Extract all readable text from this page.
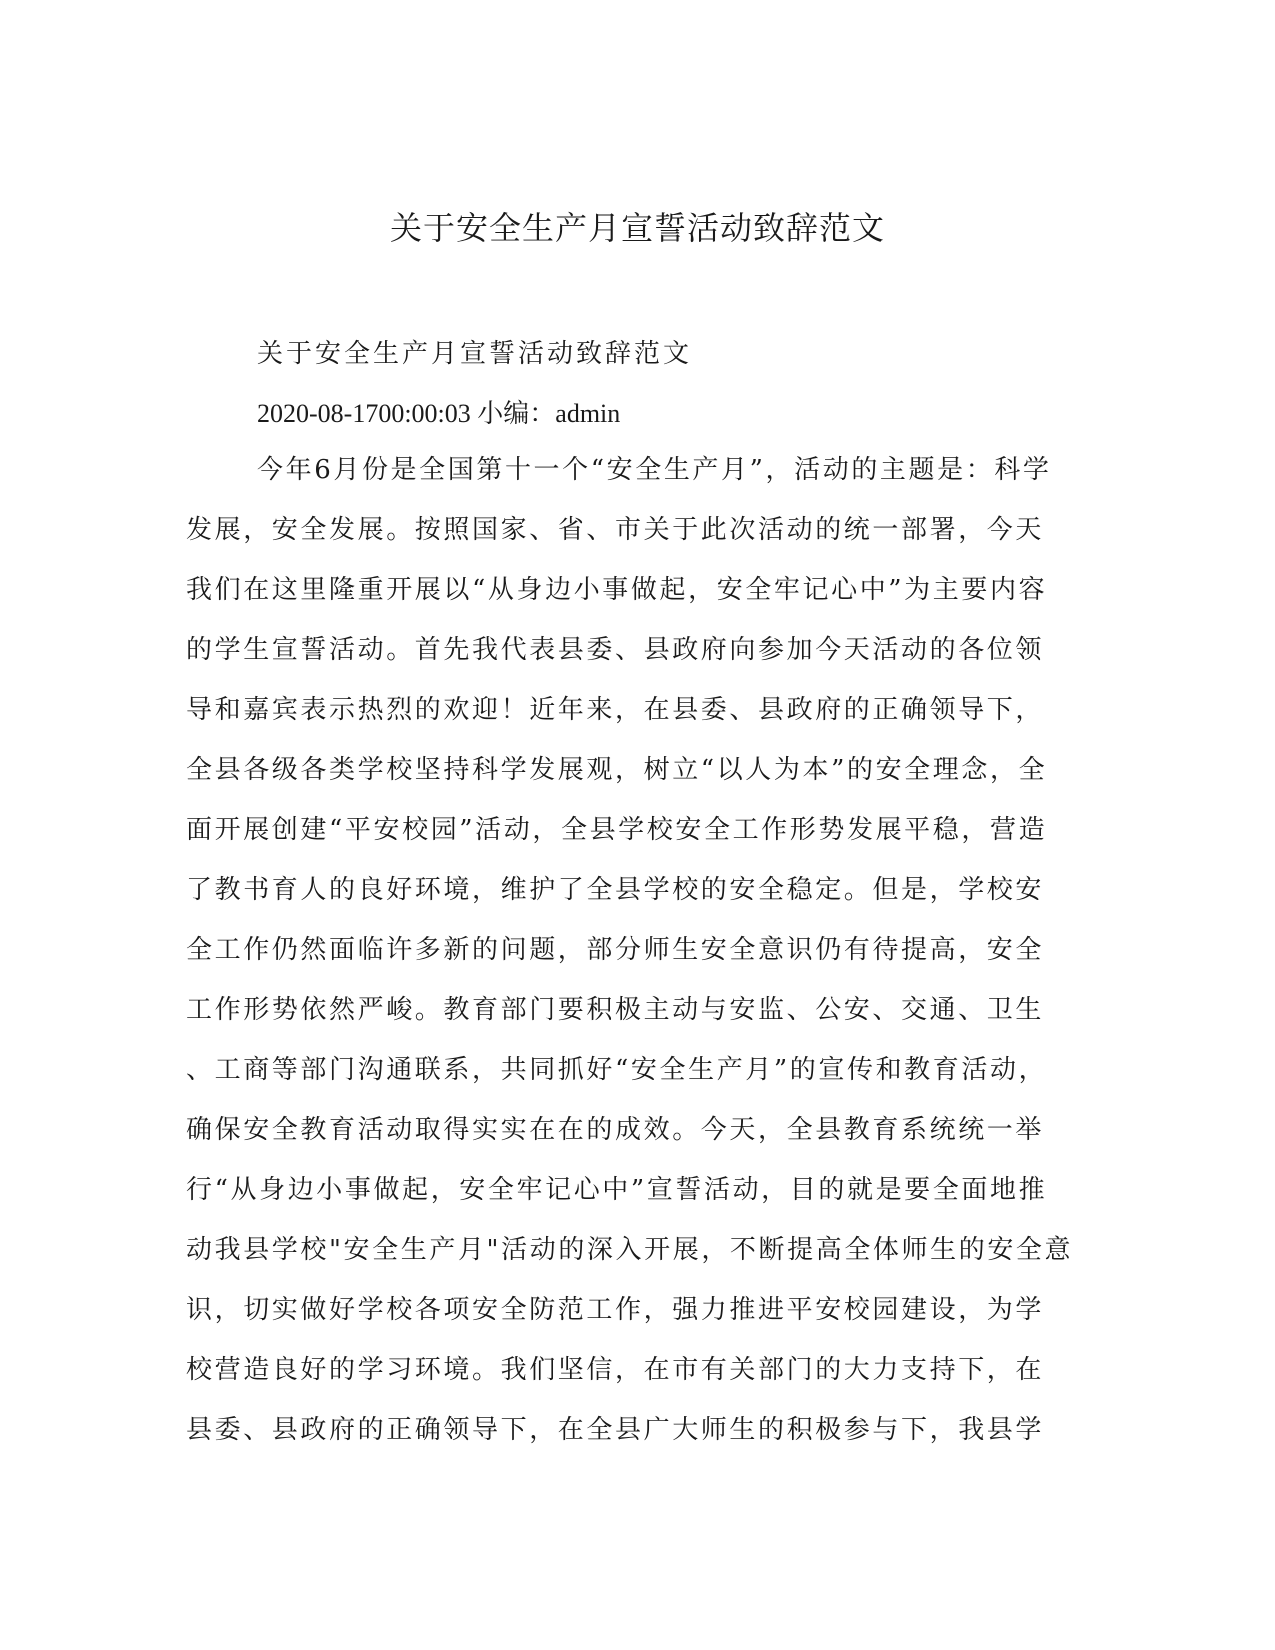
关于安全生产月宣誓活动致辞范文

关于安全生产月宣誓活动致辞范文

2020-08-1700:00:03 小编：admin

今年6月份是全国第十一个“安全生产月”，活动的主题是：科学
发展，安全发展。按照国家、省、市关于此次活动的统一部署，今天
我们在这里隆重开展以“从身边小事做起，安全牢记心中”为主要内容
的学生宣誓活动。首先我代表县委、县政府向参加今天活动的各位领
导和嘉宾表示热烈的欢迎！近年来，在县委、县政府的正确领导下，
全县各级各类学校坚持科学发展观，树立“以人为本”的安全理念，全
面开展创建“平安校园”活动，全县学校安全工作形势发展平稳，营造
了教书育人的良好环境，维护了全县学校的安全稳定。但是，学校安
全工作仍然面临许多新的问题，部分师生安全意识仍有待提高，安全
工作形势依然严峻。教育部门要积极主动与安监、公安、交通、卫生
、工商等部门沟通联系，共同抓好“安全生产月”的宣传和教育活动，
确保安全教育活动取得实实在在的成效。今天，全县教育系统统一举
行“从身边小事做起，安全牢记心中”宣誓活动，目的就是要全面地推
动我县学校"安全生产月"活动的深入开展，不断提高全体师生的安全意
识，切实做好学校各项安全防范工作，强力推进平安校园建设，为学
校营造良好的学习环境。我们坚信，在市有关部门的大力支持下，在
县委、县政府的正确领导下，在全县广大师生的积极参与下，我县学
